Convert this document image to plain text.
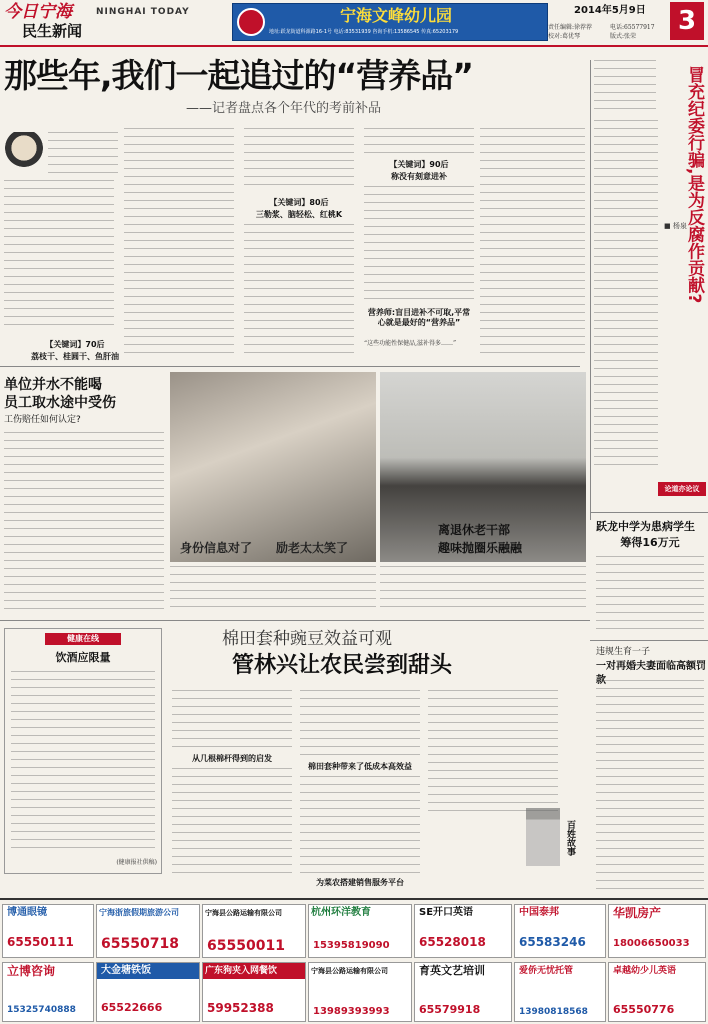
今日宁海	NINGHAI TODAY
民生新闻
宁海文峰幼儿园
地址:跃龙街道科源路16-1号 电话:83531939 咨询手机:13586545 传真:65203179
2014年5月9日
责任编辑:徐荐荐	电话:65577917
校对:葛优琴	版式:张荣
3
那些年,我们一起追过的“营养品”
——记者盘点各个年代的考前补品
【关键词】70后
荔枝干、桂圆干、鱼肝油
【关键词】80后
三勒浆、脑轻松、红桃K
【关键词】90后
称没有刻意进补
营养师:盲目进补不可取,平常心就是最好的“营养品”
“这些功能性保健品,滋补得多……”
冒充纪委行骗,是为反腐作贡献?
■ 杨泉
论道亦论议
单位并水不能喝
员工取水途中受伤
工伤赔任如何认定?
身份信息对了	励老太太笑了
离退休老干部
趣味抛圈乐融融
跃龙中学为患病学生
筹得16万元
健康在线
饮酒应限量
(健康报社供稿)
棉田套种豌豆效益可观
管林兴让农民尝到甜头
从几根棉杆得到的启发
棉田套种带来了低成本高效益
百姓故事
为菜农搭建销售服务平台
违规生育一子
一对再婚夫妻面临高额罚款
博通眼镜
65550111
宁海浙旅假期旅游公司
65550718
宁海县公路运输有限公司
65550011
杭州环洋教育
15395819090
SE开口英语
65528018
中国泰邦
65583246
华凯房产
18006650033
立博咨询
15325740888
大金塘铁饭
65522666
广东狗夹入网餐饮
59952388
宁海县公路运输有限公司
13989393993
育英文艺培训
65579918
爱侨无忧托管
13980818568
卓越幼少儿英语
65550776
